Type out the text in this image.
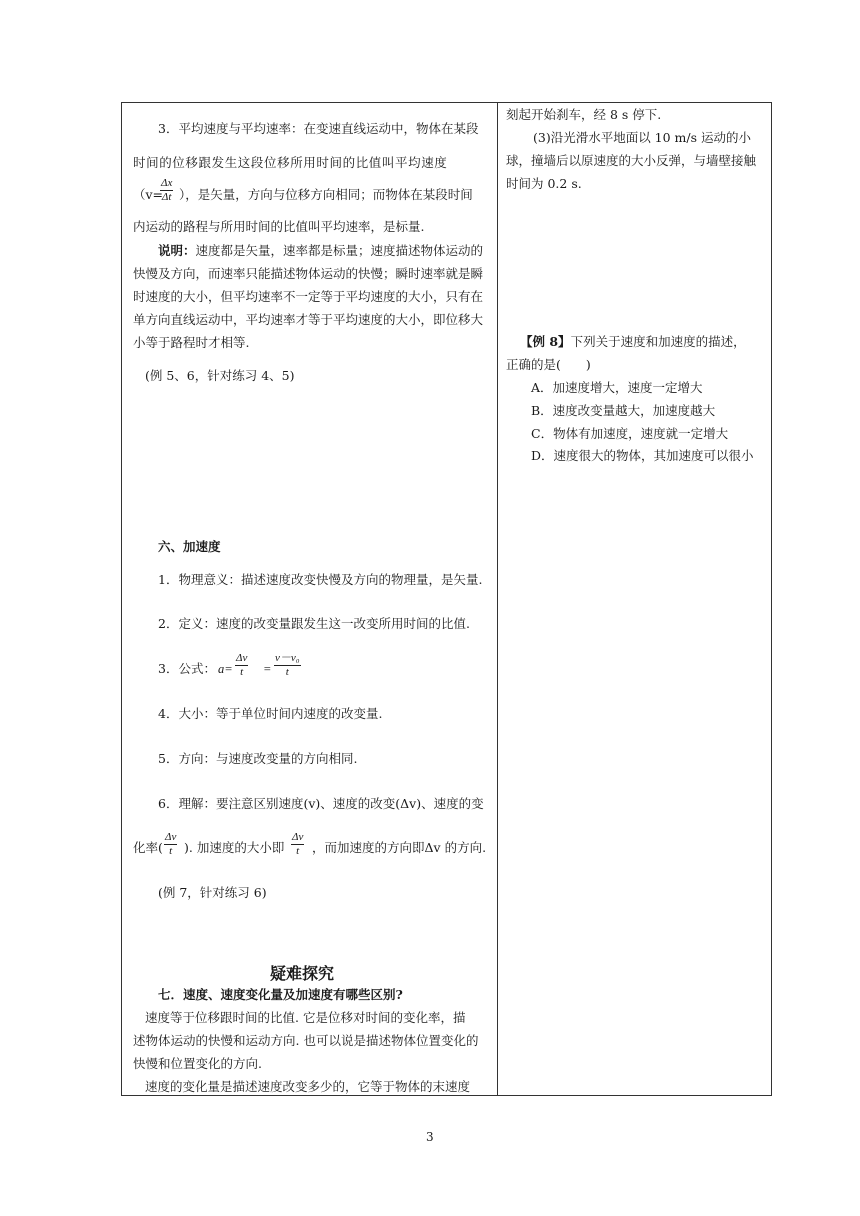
3．平均速度与平均速率：在变速直线运动中，物体在某段
时间的位移跟发生这段位移所用时间的比值叫平均速度
（v=
Δx
Δt ），是矢量，方向与位移方向相同；而物体在某段时间
内运动的路程与所用时间的比值叫平均速率，是标量.
说明：速度都是矢量，速率都是标量；速度描述物体运动的
快慢及方向，而速率只能描述物体运动的快慢；瞬时速率就是瞬
时速度的大小，但平均速率不一定等于平均速度的大小，只有在
单方向直线运动中，平均速率才等于平均速度的大小，即位移大
小等于路程时才相等.
(例 5、6，针对练习 4、5)
六、加速度
1．物理意义：描述速度改变快慢及方向的物理量，是矢量.
2．定义：速度的改变量跟发生这一改变所用时间的比值.
3．公式： a=
Δv
t =
v－v₀
t
4．大小：等于单位时间内速度的改变量.
5．方向：与速度改变量的方向相同.
6．理解：要注意区别速度(v)、速度的改变(Δv)、速度的变
化率(
Δv
t ). 加速度的大小即
Δv
t ，而加速度的方向即Δv 的方向.
(例 7，针对练习 6)
疑难探究
七．速度、速度变化量及加速度有哪些区别?
速度等于位移跟时间的比值. 它是位移对时间的变化率，描
述物体运动的快慢和运动方向. 也可以说是描述物体位置变化的
快慢和位置变化的方向.
速度的变化量是描述速度改变多少的，它等于物体的末速度
刻起开始刹车，经 8 s 停下.
(3)沿光滑水平地面以 10 m/s 运动的小
球，撞墙后以原速度的大小反弹，与墙壁接触
时间为 0.2 s.
【例 8】下列关于速度和加速度的描述，
正确的是(　　)
A．加速度增大，速度一定增大
B．速度改变量越大，加速度越大
C．物体有加速度，速度就一定增大
D．速度很大的物体，其加速度可以很小
3
